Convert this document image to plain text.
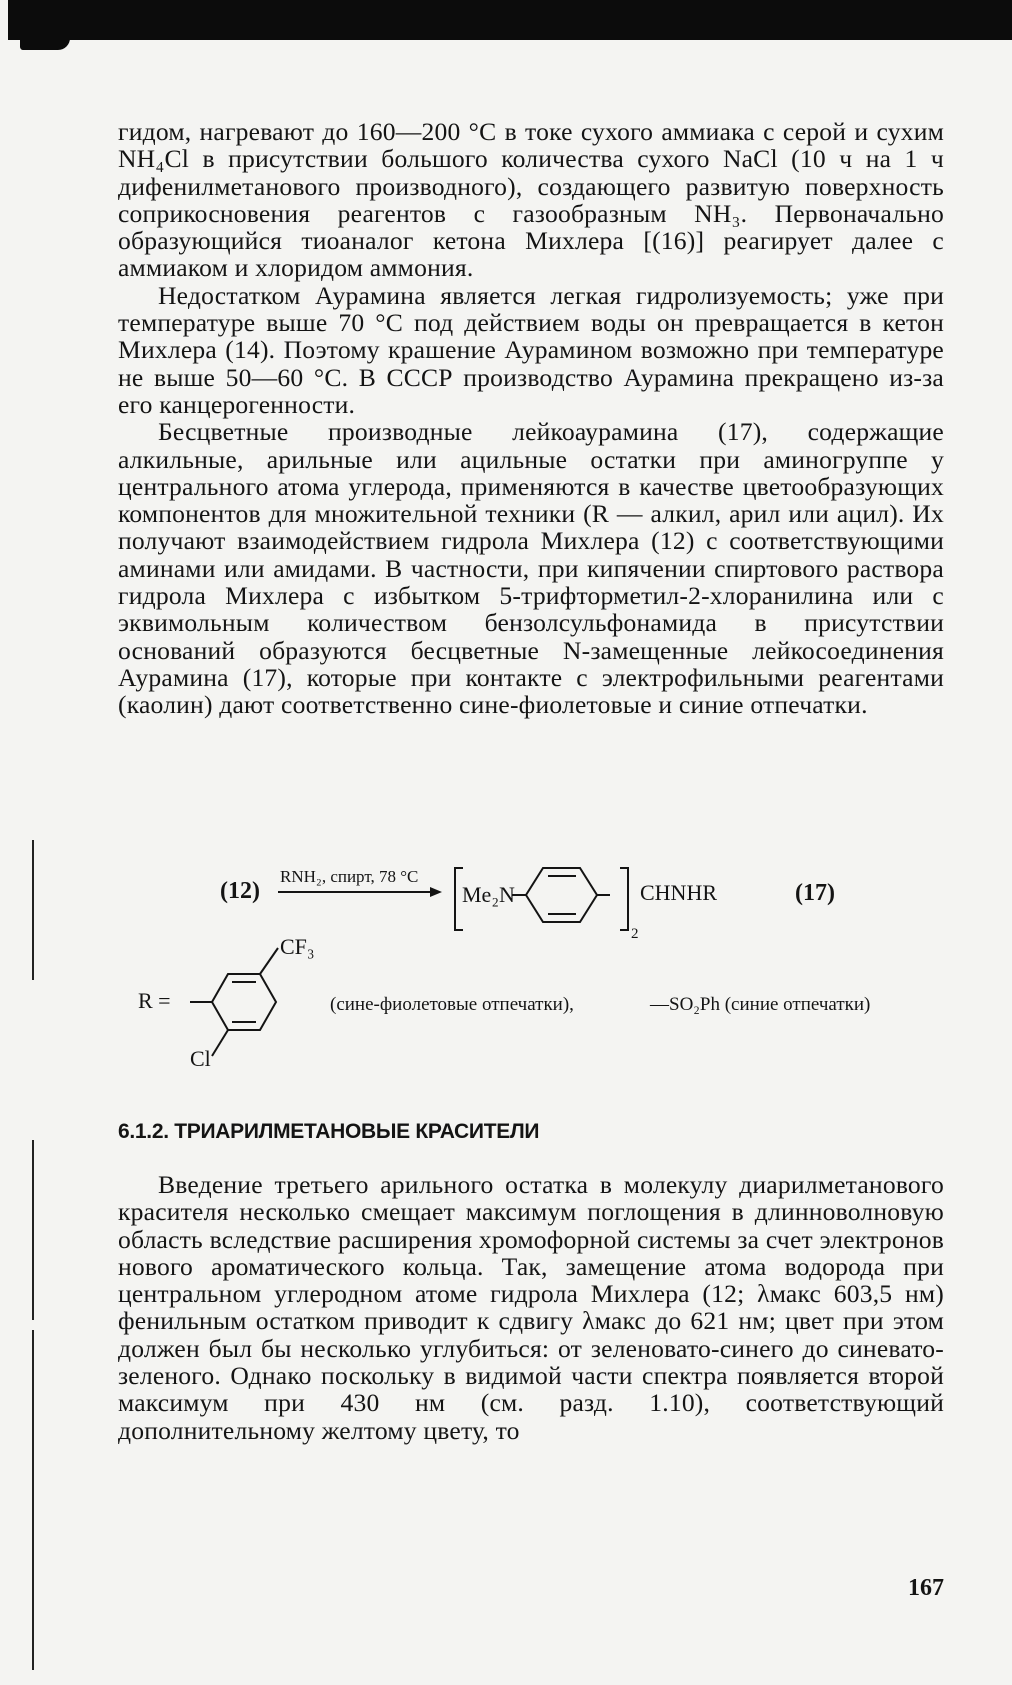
гидом, нагревают до 160—200 °C в токе сухого аммиака с серой и сухим NH₄Cl в присутствии большого количества сухого NaCl (10 ч на 1 ч дифенилметанового производного), создающего развитую поверхность соприкосновения реагентов с газообразным NH₃. Первоначально образующийся тиоаналог кетона Михлера [(16)] реагирует далее с аммиаком и хлоридом аммония.

Недостатком Аурамина является легкая гидролизуемость; уже при температуре выше 70 °C под действием воды он превращается в кетон Михлера (14). Поэтому крашение Аурамином возможно при температуре не выше 50—60 °C. В СССР производство Аурамина прекращено из-за его канцерогенности.

Бесцветные производные лейкоаурамина (17), содержащие алкильные, арильные или ацильные остатки при аминогруппе у центрального атома углерода, применяются в качестве цветообразующих компонентов для множительной техники (R — алкил, арил или ацил). Их получают взаимодействием гидрола Михлера (12) с соответствующими аминами или амидами. В частности, при кипячении спиртового раствора гидрола Михлера с избытком 5-трифторметил-2-хлоранилина или с эквимольным количеством бензолсульфонамида в присутствии оснований образуются бесцветные N-замещенные лейкосоединения Аурамина (17), которые при контакте с электрофильными реагентами (каолин) дают соответственно сине-фиолетовые и синие отпечатки.

(12)
RNH₂, спирт, 78 °C
Me₂N
2
CHNHR	(17)
R =
CF₃
Cl
(сине-фиолетовые отпечатки),	—SO₂Ph (синие отпечатки)
6.1.2. ТРИАРИЛМЕТАНОВЫЕ КРАСИТЕЛИ

Введение третьего арильного остатка в молекулу диарилметанового красителя несколько смещает максимум поглощения в длинноволновую область вследствие расширения хромофорной системы за счет электронов нового ароматического кольца. Так, замещение атома водорода при центральном углеродном атоме гидрола Михлера (12; λмакс 603,5 нм) фенильным остатком приводит к сдвигу λмакс до 621 нм; цвет при этом должен был бы несколько углубиться: от зеленовато-синего до синевато-зеленого. Однако поскольку в видимой части спектра появляется второй максимум при 430 нм (см. разд. 1.10), соответствующий дополнительному желтому цвету, то

167
